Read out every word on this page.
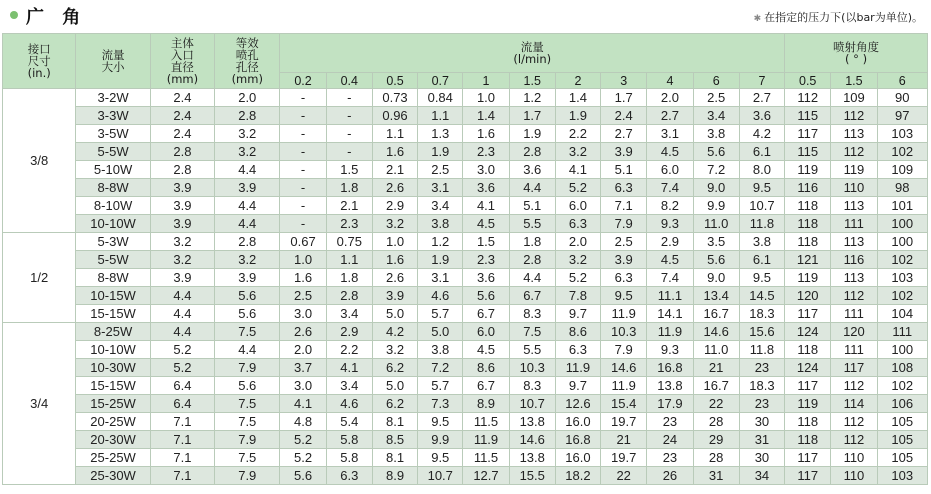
广 角	✱ 在指定的压力下(以bar为单位)。
接口
尺寸
(in.)	流量
大小	主体
入口
直径
(mm)	等效
喷孔
孔径
(mm)	流量
(l/min)											喷射角度
( ° )		

				0.2	0.4	0.5	0.7	1	1.5	2	3	4	6	7	0.5	1.5	6
3/8	3-2W	2.4	2.0	-	-	0.73	0.84	1.0	1.2	1.4	1.7	2.0	2.5	2.7	112	109	90
	3-3W	2.4	2.8	-	-	0.96	1.1	1.4	1.7	1.9	2.4	2.7	3.4	3.6	115	112	97
	3-5W	2.4	3.2	-	-	1.1	1.3	1.6	1.9	2.2	2.7	3.1	3.8	4.2	117	113	103
	5-5W	2.8	3.2	-	-	1.6	1.9	2.3	2.8	3.2	3.9	4.5	5.6	6.1	115	112	102
	5-10W	2.8	4.4	-	1.5	2.1	2.5	3.0	3.6	4.1	5.1	6.0	7.2	8.0	119	119	109
	8-8W	3.9	3.9	-	1.8	2.6	3.1	3.6	4.4	5.2	6.3	7.4	9.0	9.5	116	110	98
	8-10W	3.9	4.4	-	2.1	2.9	3.4	4.1	5.1	6.0	7.1	8.2	9.9	10.7	118	113	101
	10-10W	3.9	4.4	-	2.3	3.2	3.8	4.5	5.5	6.3	7.9	9.3	11.0	11.8	118	111	100
1/2	5-3W	3.2	2.8	0.67	0.75	1.0	1.2	1.5	1.8	2.0	2.5	2.9	3.5	3.8	118	113	100
	5-5W	3.2	3.2	1.0	1.1	1.6	1.9	2.3	2.8	3.2	3.9	4.5	5.6	6.1	121	116	102
	8-8W	3.9	3.9	1.6	1.8	2.6	3.1	3.6	4.4	5.2	6.3	7.4	9.0	9.5	119	113	103
	10-15W	4.4	5.6	2.5	2.8	3.9	4.6	5.6	6.7	7.8	9.5	11.1	13.4	14.5	120	112	102
	15-15W	4.4	5.6	3.0	3.4	5.0	5.7	6.7	8.3	9.7	11.9	14.1	16.7	18.3	117	111	104
3/4	8-25W	4.4	7.5	2.6	2.9	4.2	5.0	6.0	7.5	8.6	10.3	11.9	14.6	15.6	124	120	111
	10-10W	5.2	4.4	2.0	2.2	3.2	3.8	4.5	5.5	6.3	7.9	9.3	11.0	11.8	118	111	100
	10-30W	5.2	7.9	3.7	4.1	6.2	7.2	8.6	10.3	11.9	14.6	16.8	21	23	124	117	108
	15-15W	6.4	5.6	3.0	3.4	5.0	5.7	6.7	8.3	9.7	11.9	13.8	16.7	18.3	117	112	102
	15-25W	6.4	7.5	4.1	4.6	6.2	7.3	8.9	10.7	12.6	15.4	17.9	22	23	119	114	106
	20-25W	7.1	7.5	4.8	5.4	8.1	9.5	11.5	13.8	16.0	19.7	23	28	30	118	112	105
	20-30W	7.1	7.9	5.2	5.8	8.5	9.9	11.9	14.6	16.8	21	24	29	31	118	112	105
	25-25W	7.1	7.5	5.2	5.8	8.1	9.5	11.5	13.8	16.0	19.7	23	28	30	117	110	105
	25-30W	7.1	7.9	5.6	6.3	8.9	10.7	12.7	15.5	18.2	22	26	31	34	117	110	103
